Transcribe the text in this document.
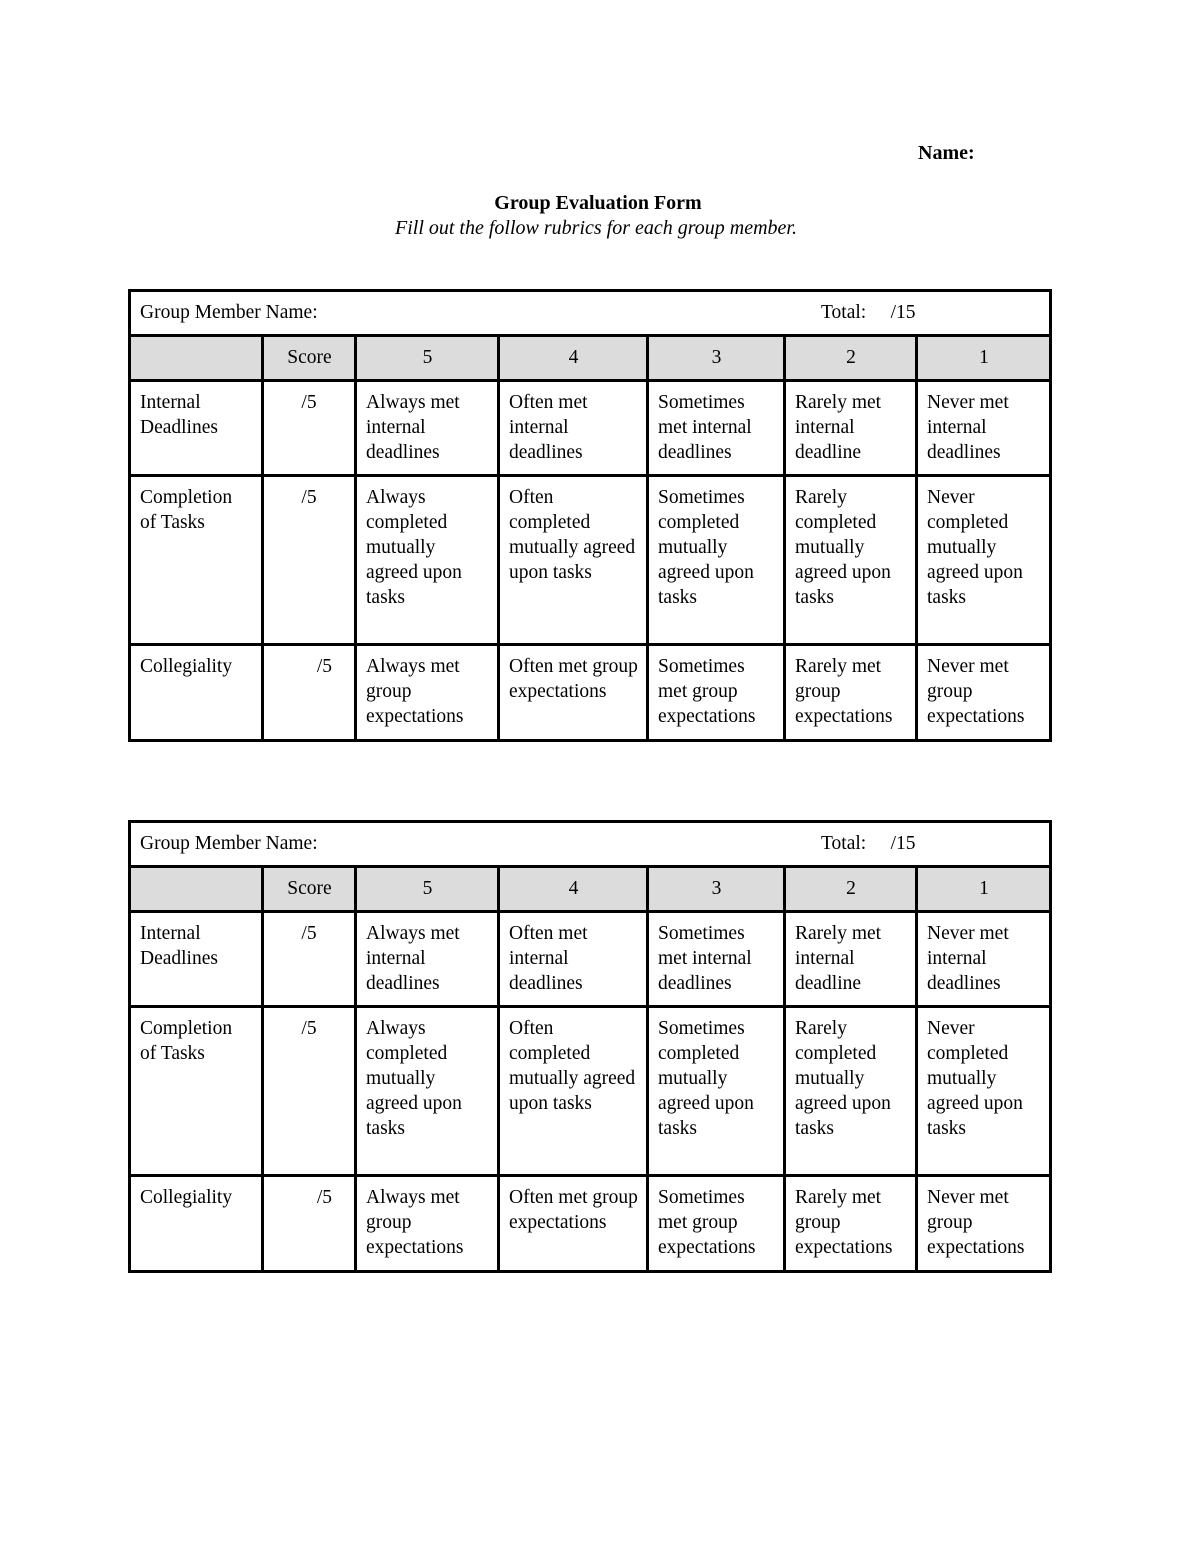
Name:
Group Evaluation Form
Fill out the follow rubrics for each group member.
Group Member Name: Total: /15						

	Score	5	4	3	2	1
Internal Deadlines	/5	Always met internal deadlines	Often met internal deadlines	Sometimes met internal deadlines	Rarely met internal deadline	Never met internal deadlines
Completion of Tasks	/5	Always completed mutually agreed upon tasks	Often completed mutually agreed upon tasks	Sometimes completed mutually agreed upon tasks	Rarely completed mutually agreed upon tasks	Never completed mutually agreed upon tasks
Collegiality	/5	Always met group expectations	Often met group expectations	Sometimes met group expectations	Rarely met group expectations	Never met group expectations
Group Member Name: Total: /15						

	Score	5	4	3	2	1
Internal Deadlines	/5	Always met internal deadlines	Often met internal deadlines	Sometimes met internal deadlines	Rarely met internal deadline	Never met internal deadlines
Completion of Tasks	/5	Always completed mutually agreed upon tasks	Often completed mutually agreed upon tasks	Sometimes completed mutually agreed upon tasks	Rarely completed mutually agreed upon tasks	Never completed mutually agreed upon tasks
Collegiality	/5	Always met group expectations	Often met group expectations	Sometimes met group expectations	Rarely met group expectations	Never met group expectations
